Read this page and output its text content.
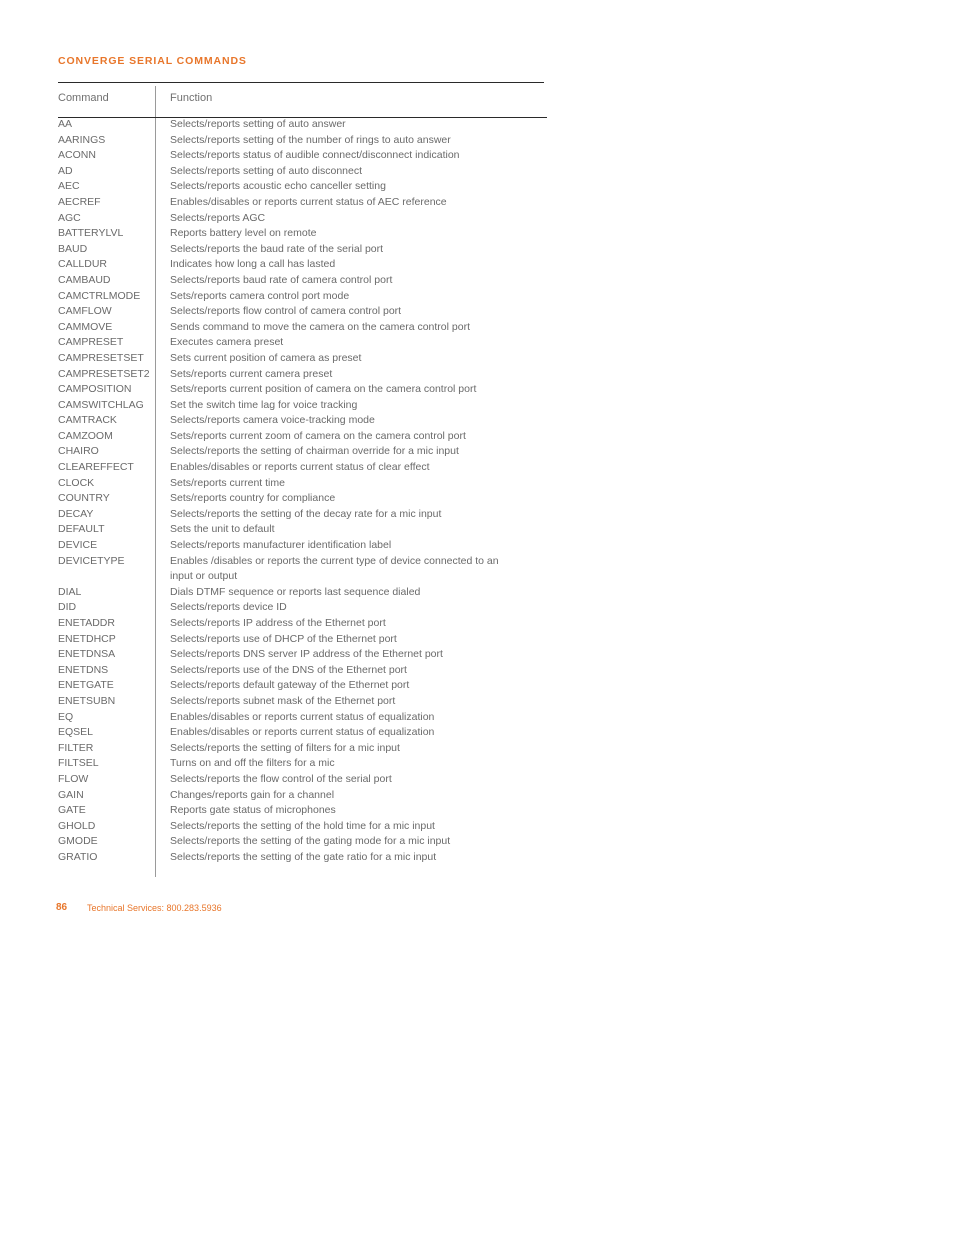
CONVERGE SERIAL COMMANDS
Command	Function
AA	Selects/reports setting of auto answer
AARINGS	Selects/reports setting of the number of rings to auto answer
ACONN	Selects/reports status of audible connect/disconnect indication
AD	Selects/reports setting of auto disconnect
AEC	Selects/reports acoustic echo canceller setting
AECREF	Enables/disables or reports current status of AEC reference
AGC	Selects/reports AGC
BATTERYLVL	Reports battery level on remote
BAUD	Selects/reports the baud rate of the serial port
CALLDUR	Indicates how long a call has lasted
CAMBAUD	Selects/reports baud rate of camera control port
CAMCTRLMODE	Sets/reports camera control port mode
CAMFLOW	Selects/reports flow control of camera control port
CAMMOVE	Sends command to move the camera on the camera control port
CAMPRESET	Executes camera preset
CAMPRESETSET Sets current position of camera as preset
CAMPRESETSET2 Sets/reports current camera preset
CAMPOSITION	Sets/reports current position of camera on the camera control port
CAMSWITCHLAG Set the switch time lag for voice tracking
CAMTRACK	Selects/reports camera voice-tracking mode
CAMZOOM	Sets/reports current zoom of camera on the camera control port
CHAIRO	Selects/reports the setting of chairman override for a mic input
CLEAREFFECT	Enables/disables or reports current status of clear effect
CLOCK	Sets/reports current time
COUNTRY	Sets/reports country for compliance
DECAY	Selects/reports the setting of the decay rate for a mic input
DEFAULT	Sets the unit to default
DEVICE	Selects/reports manufacturer identification label
DEVICETYPE	Enables /disables or reports the current type of device connected to an input or output
DIAL	Dials DTMF sequence or reports last sequence dialed
DID	Selects/reports device ID
ENETADDR	Selects/reports IP address of the Ethernet port
ENETDHCP	Selects/reports use of DHCP of the Ethernet port
ENETDNSA	Selects/reports DNS server IP address of the Ethernet port
ENETDNS	Selects/reports use of the DNS of the Ethernet port
ENETGATE	Selects/reports default gateway of the Ethernet port
ENETSUBN	Selects/reports subnet mask of the Ethernet port
EQ	Enables/disables or reports current status of equalization
EQSEL	Enables/disables or reports current status of equalization
FILTER	Selects/reports the setting of filters for a mic input
FILTSEL	Turns on and off the filters for a mic
FLOW	Selects/reports the flow control of the serial port
GAIN	Changes/reports gain for a channel
GATE	Reports gate status of microphones
GHOLD	Selects/reports the setting of the hold time for a mic input
GMODE	Selects/reports the setting of the gating mode for a mic input
GRATIO	Selects/reports the setting of the gate ratio for a mic input
86 Technical Services: 800.283.5936
